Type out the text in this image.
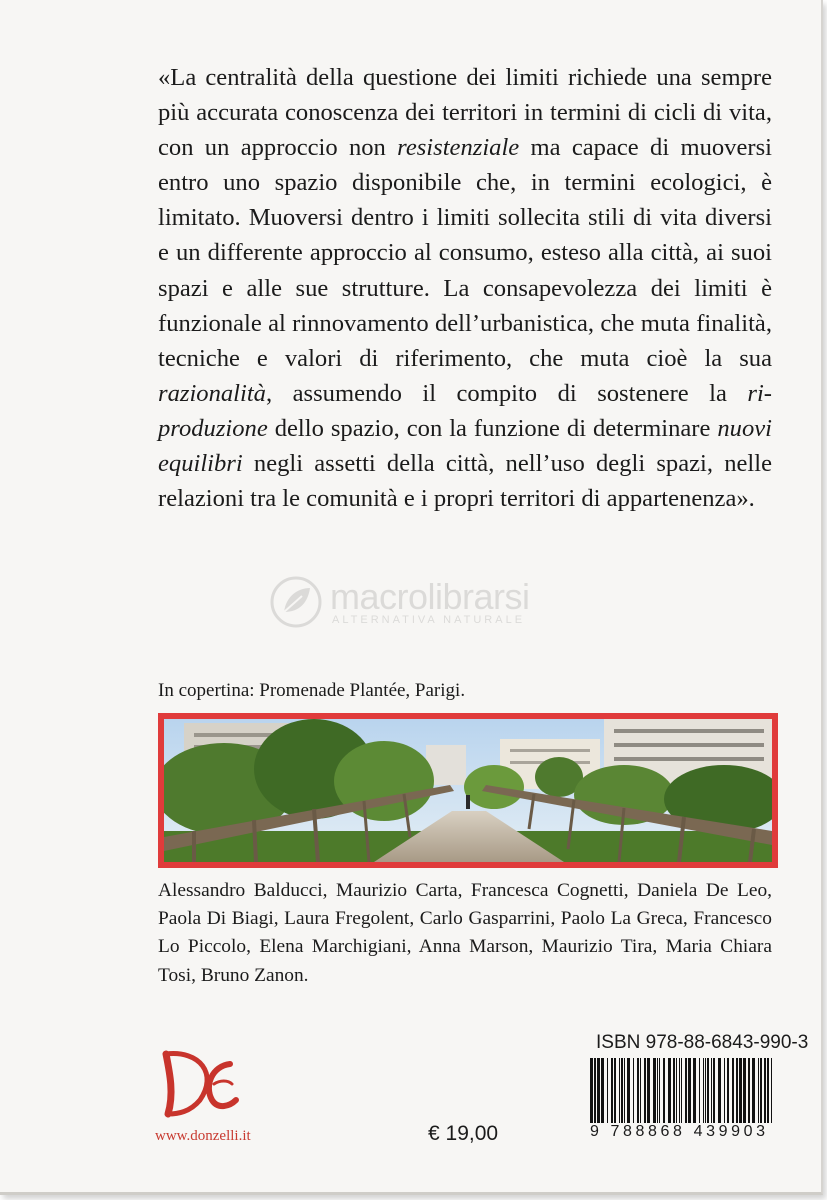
«La centralità della questione dei limiti richiede una sempre più accurata conoscenza dei territori in termini di cicli di vita, con un approccio non resistenziale ma capace di muoversi entro uno spazio disponibile che, in termini ecologici, è limitato. Muoversi dentro i limiti sollecita stili di vita diversi e un differente approccio al consumo, esteso alla città, ai suoi spazi e alle sue strutture. La consapevolezza dei limiti è funzionale al rinnovamento dell’urbanistica, che muta finalità, tecniche e valori di riferimento, che muta cioè la sua razionalità, assumendo il compito di sostenere la ri-produzione dello spazio, con la funzione di determinare nuovi equilibri negli assetti della città, nell’uso degli spazi, nelle relazioni tra le comunità e i propri territori di appartenenza».

macrolibrarsi
ALTERNATIVA NATURALE
In copertina: Promenade Plantée, Parigi.

Alessandro Balducci, Maurizio Carta, Francesca Cognetti, Daniela De Leo, Paola Di Biagi, Laura Fregolent, Carlo Gasparrini, Paolo La Greca, Francesco Lo Piccolo, Elena Marchigiani, Anna Marson, Maurizio Tira, Maria Chiara Tosi, Bruno Zanon.

www.donzelli.it	€ 19,00
ISBN 978-88-6843-990-3
9 788868 439903
